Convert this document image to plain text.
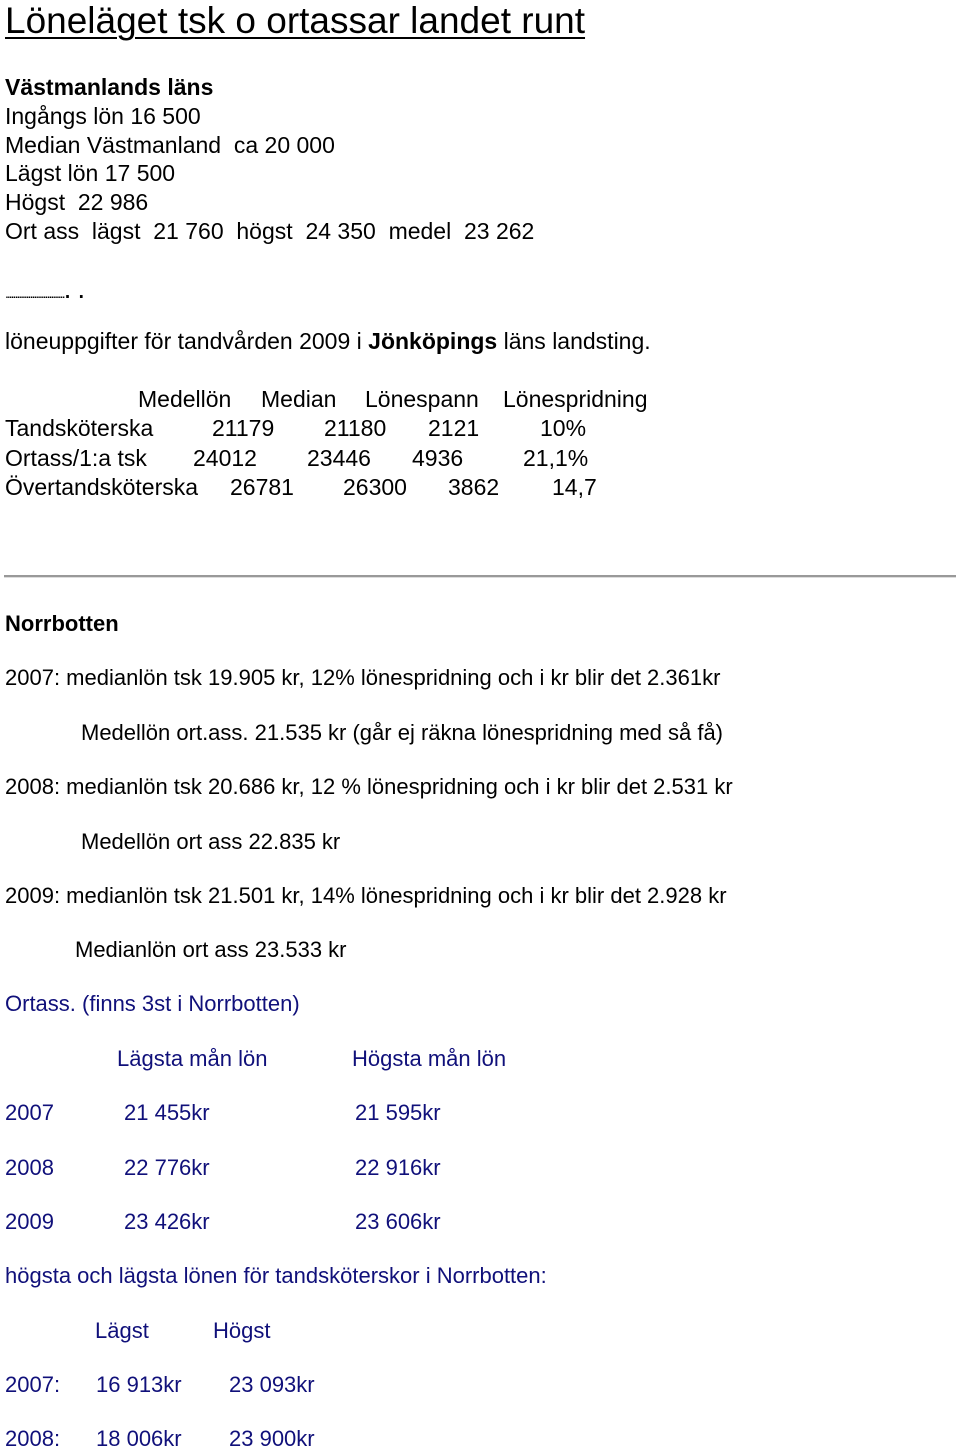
Löneläget tsk o ortassar landet runt
Västmanlands läns
Ingångs lön 16 500
Median Västmanland  ca 20 000
Lägst lön 17 500
Högst  22 986
Ort ass  lägst  21 760  högst  24 350  medel  23 262
.................................
löneuppgifter för tandvården 2009 i Jönköpings läns landsting.
Medellön Median Lönespann Lönespridning
Tandsköterska	21179 21180 2121	10%
Ortass/1:a tsk 24012 23446 4936	21,1%
Övertandsköterska 26781 26300 3862 14,7
Norrbotten
2007: medianlön tsk 19.905 kr, 12% lönespridning och i kr blir det 2.361kr
Medellön ort.ass. 21.535 kr (går ej räkna lönespridning med så få)
2008: medianlön tsk 20.686 kr, 12 % lönespridning och i kr blir det 2.531 kr
Medellön ort ass 22.835 kr
2009: medianlön tsk 21.501 kr, 14% lönespridning och i kr blir det 2.928 kr
Medianlön ort ass 23.533 kr
Ortass. (finns 3st i Norrbotten)
Lägsta mån lön	Högsta mån lön
2007	21 455kr	21 595kr
2008	22 776kr	22 916kr
2009	23 426kr	23 606kr
högsta och lägsta lönen för tandsköterskor i Norrbotten:
Lägst	Högst
2007: 16 913kr 23 093kr
2008: 18 006kr 23 900kr
